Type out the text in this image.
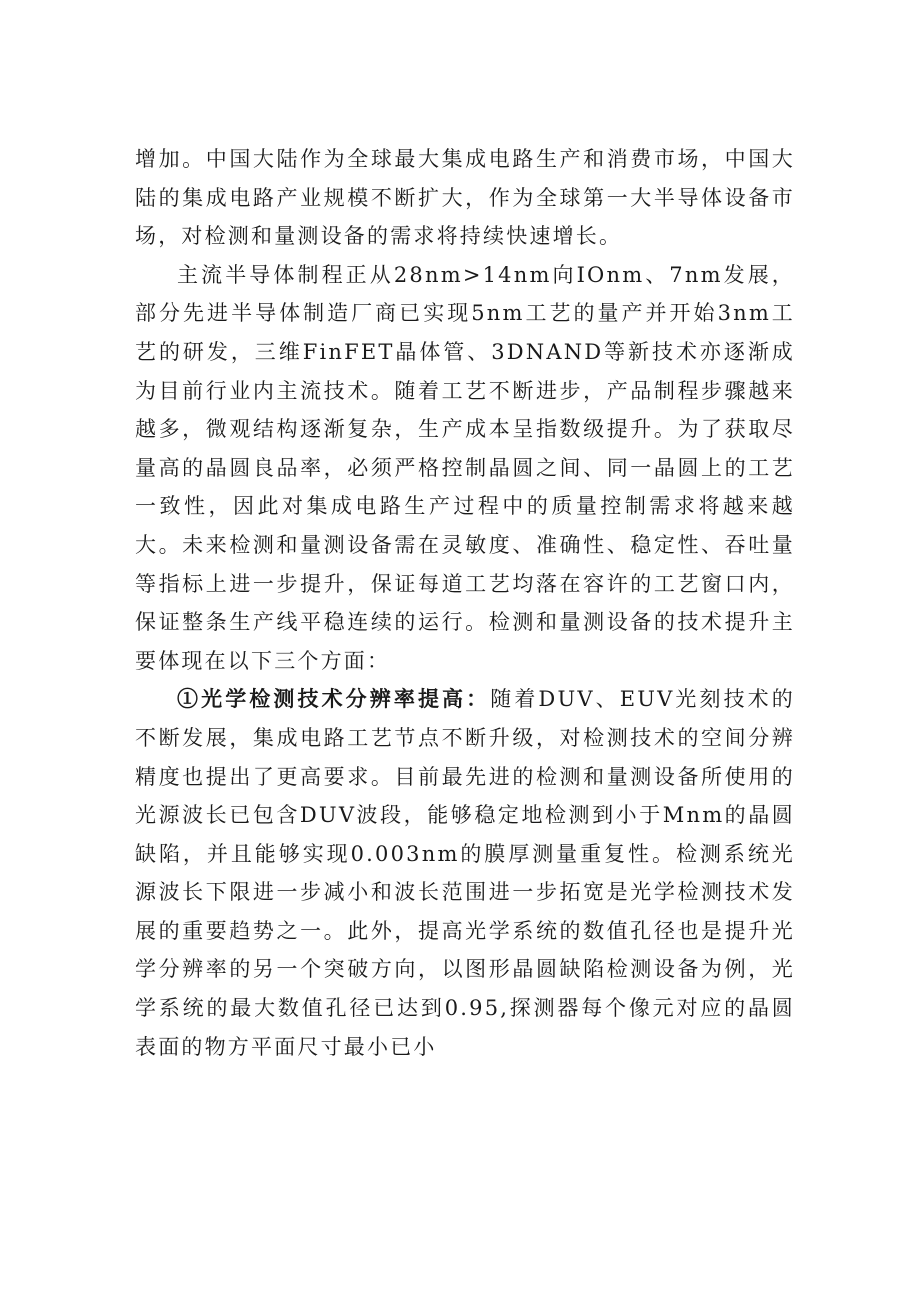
增加。中国大陆作为全球最大集成电路生产和消费市场，中国大陆的集成电路产业规模不断扩大，作为全球第一大半导体设备市场，对检测和量测设备的需求将持续快速增长。

主流半导体制程正从28nm>14nm向IOnm、7nm发展，部分先进半导体制造厂商已实现5nm工艺的量产并开始3nm工艺的研发，三维FinFET晶体管、3DNAND等新技术亦逐渐成为目前行业内主流技术。随着工艺不断进步，产品制程步骤越来越多，微观结构逐渐复杂，生产成本呈指数级提升。为了获取尽量高的晶圆良品率，必须严格控制晶圆之间、同一晶圆上的工艺一致性，因此对集成电路生产过程中的质量控制需求将越来越大。未来检测和量测设备需在灵敏度、准确性、稳定性、吞吐量等指标上进一步提升，保证每道工艺均落在容许的工艺窗口内，保证整条生产线平稳连续的运行。检测和量测设备的技术提升主要体现在以下三个方面：

①光学检测技术分辨率提高：随着DUV、EUV光刻技术的不断发展，集成电路工艺节点不断升级，对检测技术的空间分辨精度也提出了更高要求。目前最先进的检测和量测设备所使用的光源波长已包含DUV波段，能够稳定地检测到小于Mnm的晶圆缺陷，并且能够实现0.003nm的膜厚测量重复性。检测系统光源波长下限进一步减小和波长范围进一步拓宽是光学检测技术发展的重要趋势之一。此外，提高光学系统的数值孔径也是提升光学分辨率的另一个突破方向，以图形晶圆缺陷检测设备为例，光学系统的最大数值孔径已达到0.95,探测器每个像元对应的晶圆表面的物方平面尺寸最小已小
